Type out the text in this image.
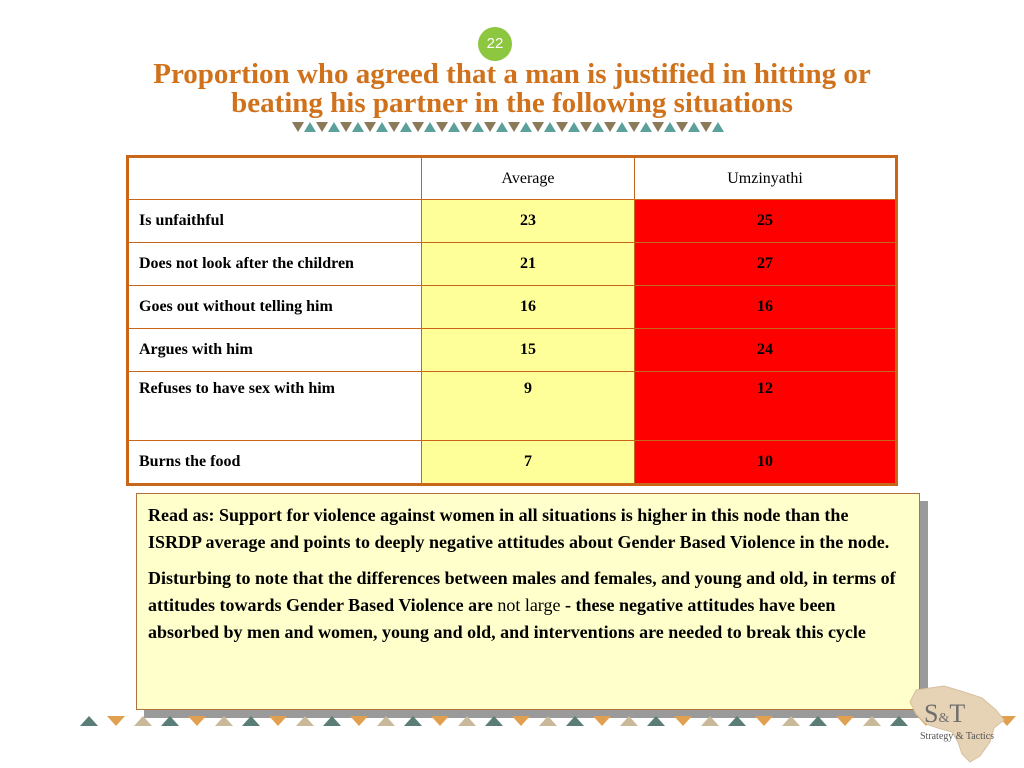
22
Proportion who agreed that a man is justified in hitting or
beating his partner in the following situations
	Average	Umzinyathi
Is unfaithful	23	25
Does not look after the children	21	27
Goes out without telling him	16	16
Argues with him	15	24
Refuses to have sex with him	9	12
Burns the food	7	10

Read as: Support for violence against women in all situations is higher in this node than the ISRDP average and points to deeply negative attitudes about Gender Based Violence in the node.

Disturbing to note that the differences between males and females, and young and old, in terms of attitudes towards Gender Based Violence are not large - these negative attitudes have been absorbed by men and women, young and old, and interventions are needed to break this cycle

S&T
Strategy & Tactics
